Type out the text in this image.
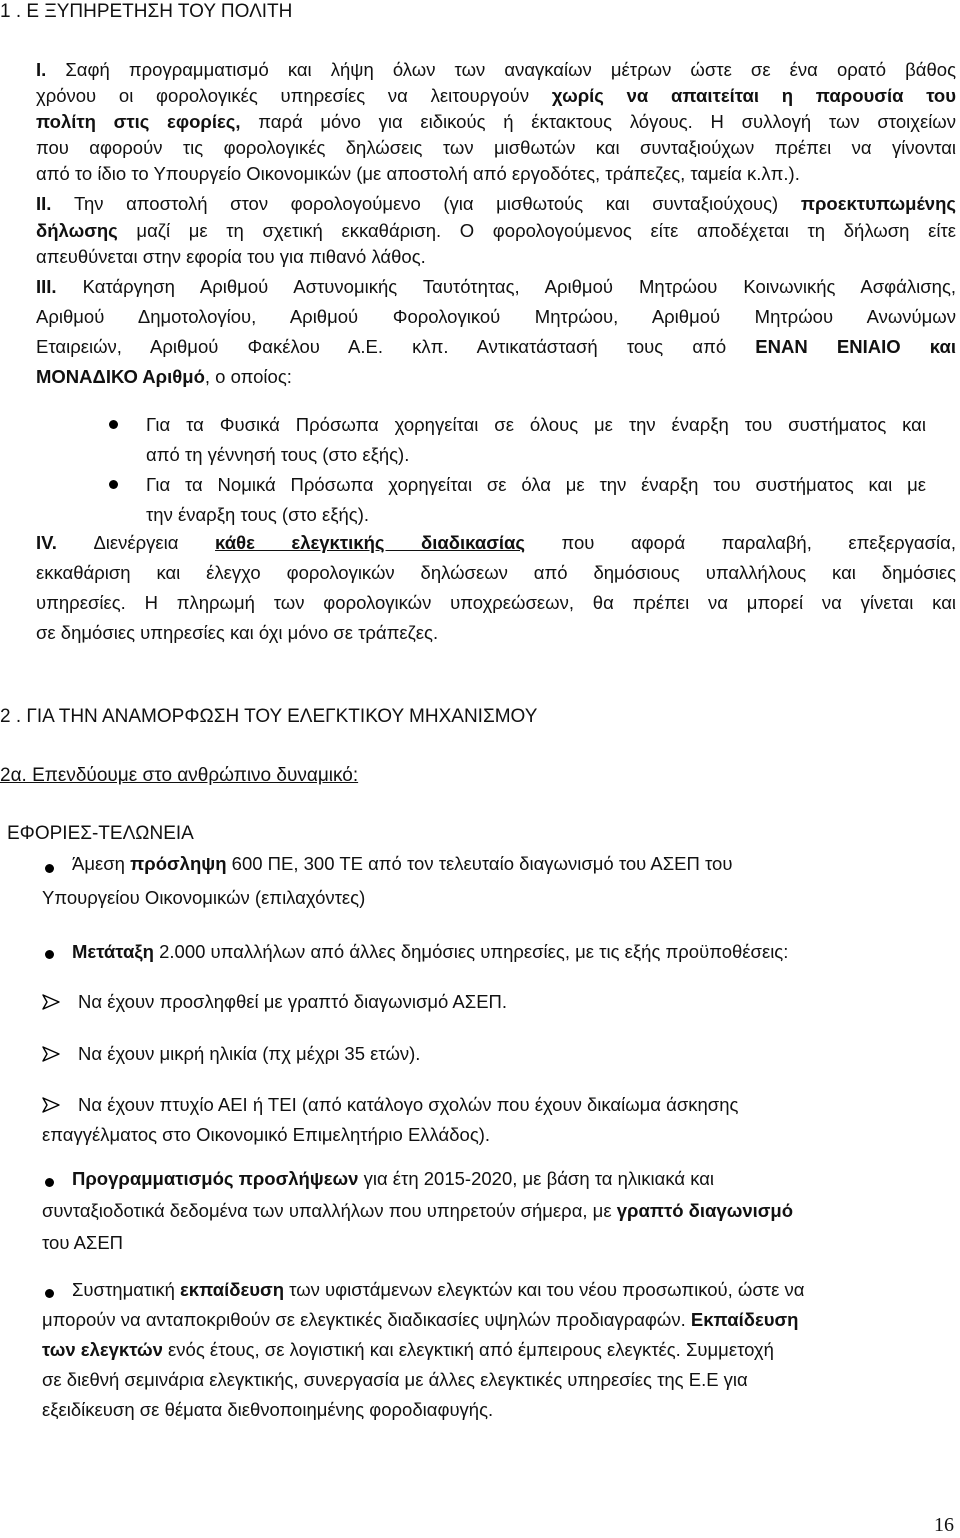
1 . Ε ΞΥΠΗΡΕΤΗΣΗ ΤΟΥ ΠΟΛΙΤΗ
I. Σαφή προγραμματισμό και λήψη όλων των αναγκαίων μέτρων ώστε σε ένα ορατό βάθος
χρόνου οι φορολογικές υπηρεσίες να λειτουργούν χωρίς να απαιτείται η παρουσία του
πολίτη στις εφορίες, παρά μόνο για ειδικούς ή έκτακτους λόγους. Η συλλογή των στοιχείων
που αφορούν τις φορολογικές δηλώσεις των μισθωτών και συνταξιούχων πρέπει να γίνονται
από το ίδιο το Υπουργείο Οικονομικών (με αποστολή από εργοδότες, τράπεζες, ταμεία κ.λπ.).
II. Την αποστολή στον φορολογούμενο (για μισθωτούς και συνταξιούχους) προεκτυπωμένης
δήλωσης μαζί με τη σχετική εκκαθάριση. Ο φορολογούμενος είτε αποδέχεται τη δήλωση είτε
απευθύνεται στην εφορία του για πιθανό λάθος.
III. Κατάργηση Αριθμού Αστυνομικής Ταυτότητας, Αριθμού Μητρώου Κοινωνικής Ασφάλισης,
Αριθμού Δημοτολογίου, Αριθμού Φορολογικού Μητρώου, Αριθμού Μητρώου Ανωνύμων
Εταιρειών, Αριθμού Φακέλου Α.Ε. κλπ. Αντικατάστασή τους από ΕΝΑΝ ΕΝΙΑΙΟ και
ΜΟΝΑΔΙΚΟ Αριθμό, ο οποίος:
Για τα Φυσικά Πρόσωπα χορηγείται σε όλους με την έναρξη του συστήματος και
από τη γέννησή τους (στο εξής).
Για τα Νομικά Πρόσωπα χορηγείται σε όλα με την έναρξη του συστήματος και με
την έναρξη τους (στο εξής).
IV. Διενέργεια κάθε ελεγκτικής διαδικασίας που αφορά παραλαβή, επεξεργασία,
εκκαθάριση και έλεγχο φορολογικών δηλώσεων από δημόσιους υπαλλήλους και δημόσιες
υπηρεσίες. Η πληρωμή των φορολογικών υποχρεώσεων, θα πρέπει να μπορεί να γίνεται και
σε δημόσιες υπηρεσίες και όχι μόνο σε τράπεζες.
2 . ΓΙΑ ΤΗΝ ΑΝΑΜΟΡΦΩΣΗ ΤΟΥ ΕΛΕΓΚΤΙΚΟΥ ΜΗΧΑΝΙΣΜΟΥ
2α. Επενδύουμε στο ανθρώπινο δυναμικό:
ΕΦΟΡΙΕΣ-ΤΕΛΩΝΕΙΑ
Άμεση πρόσληψη 600 ΠΕ, 300 ΤΕ από τον τελευταίο διαγωνισμό του ΑΣΕΠ του
Υπουργείου Οικονομικών (επιλαχόντες)
Μετάταξη 2.000 υπαλλήλων από άλλες δημόσιες υπηρεσίες, με τις εξής προϋποθέσεις:
Να έχουν προσληφθεί με γραπτό διαγωνισμό ΑΣΕΠ.
Να έχουν μικρή ηλικία (πχ μέχρι 35 ετών).
Να έχουν πτυχίο ΑΕΙ ή ΤΕΙ (από κατάλογο σχολών που έχουν δικαίωμα άσκησης
επαγγέλματος στο Οικονομικό Επιμελητήριο Ελλάδος).
Προγραμματισμός προσλήψεων για έτη 2015-2020, με βάση τα ηλικιακά και
συνταξιοδοτικά δεδομένα των υπαλλήλων που υπηρετούν σήμερα, με γραπτό διαγωνισμό
του ΑΣΕΠ
Συστηματική εκπαίδευση των υφιστάμενων ελεγκτών και του νέου προσωπικού, ώστε να
μπορούν να ανταποκριθούν σε ελεγκτικές διαδικασίες υψηλών προδιαγραφών. Εκπαίδευση
των ελεγκτών ενός έτους, σε λογιστική και ελεγκτική από έμπειρους ελεγκτές. Συμμετοχή
σε διεθνή σεμινάρια ελεγκτικής, συνεργασία με άλλες ελεγκτικές υπηρεσίες της Ε.Ε για
εξειδίκευση σε θέματα διεθνοποιημένης φοροδιαφυγής.
16
